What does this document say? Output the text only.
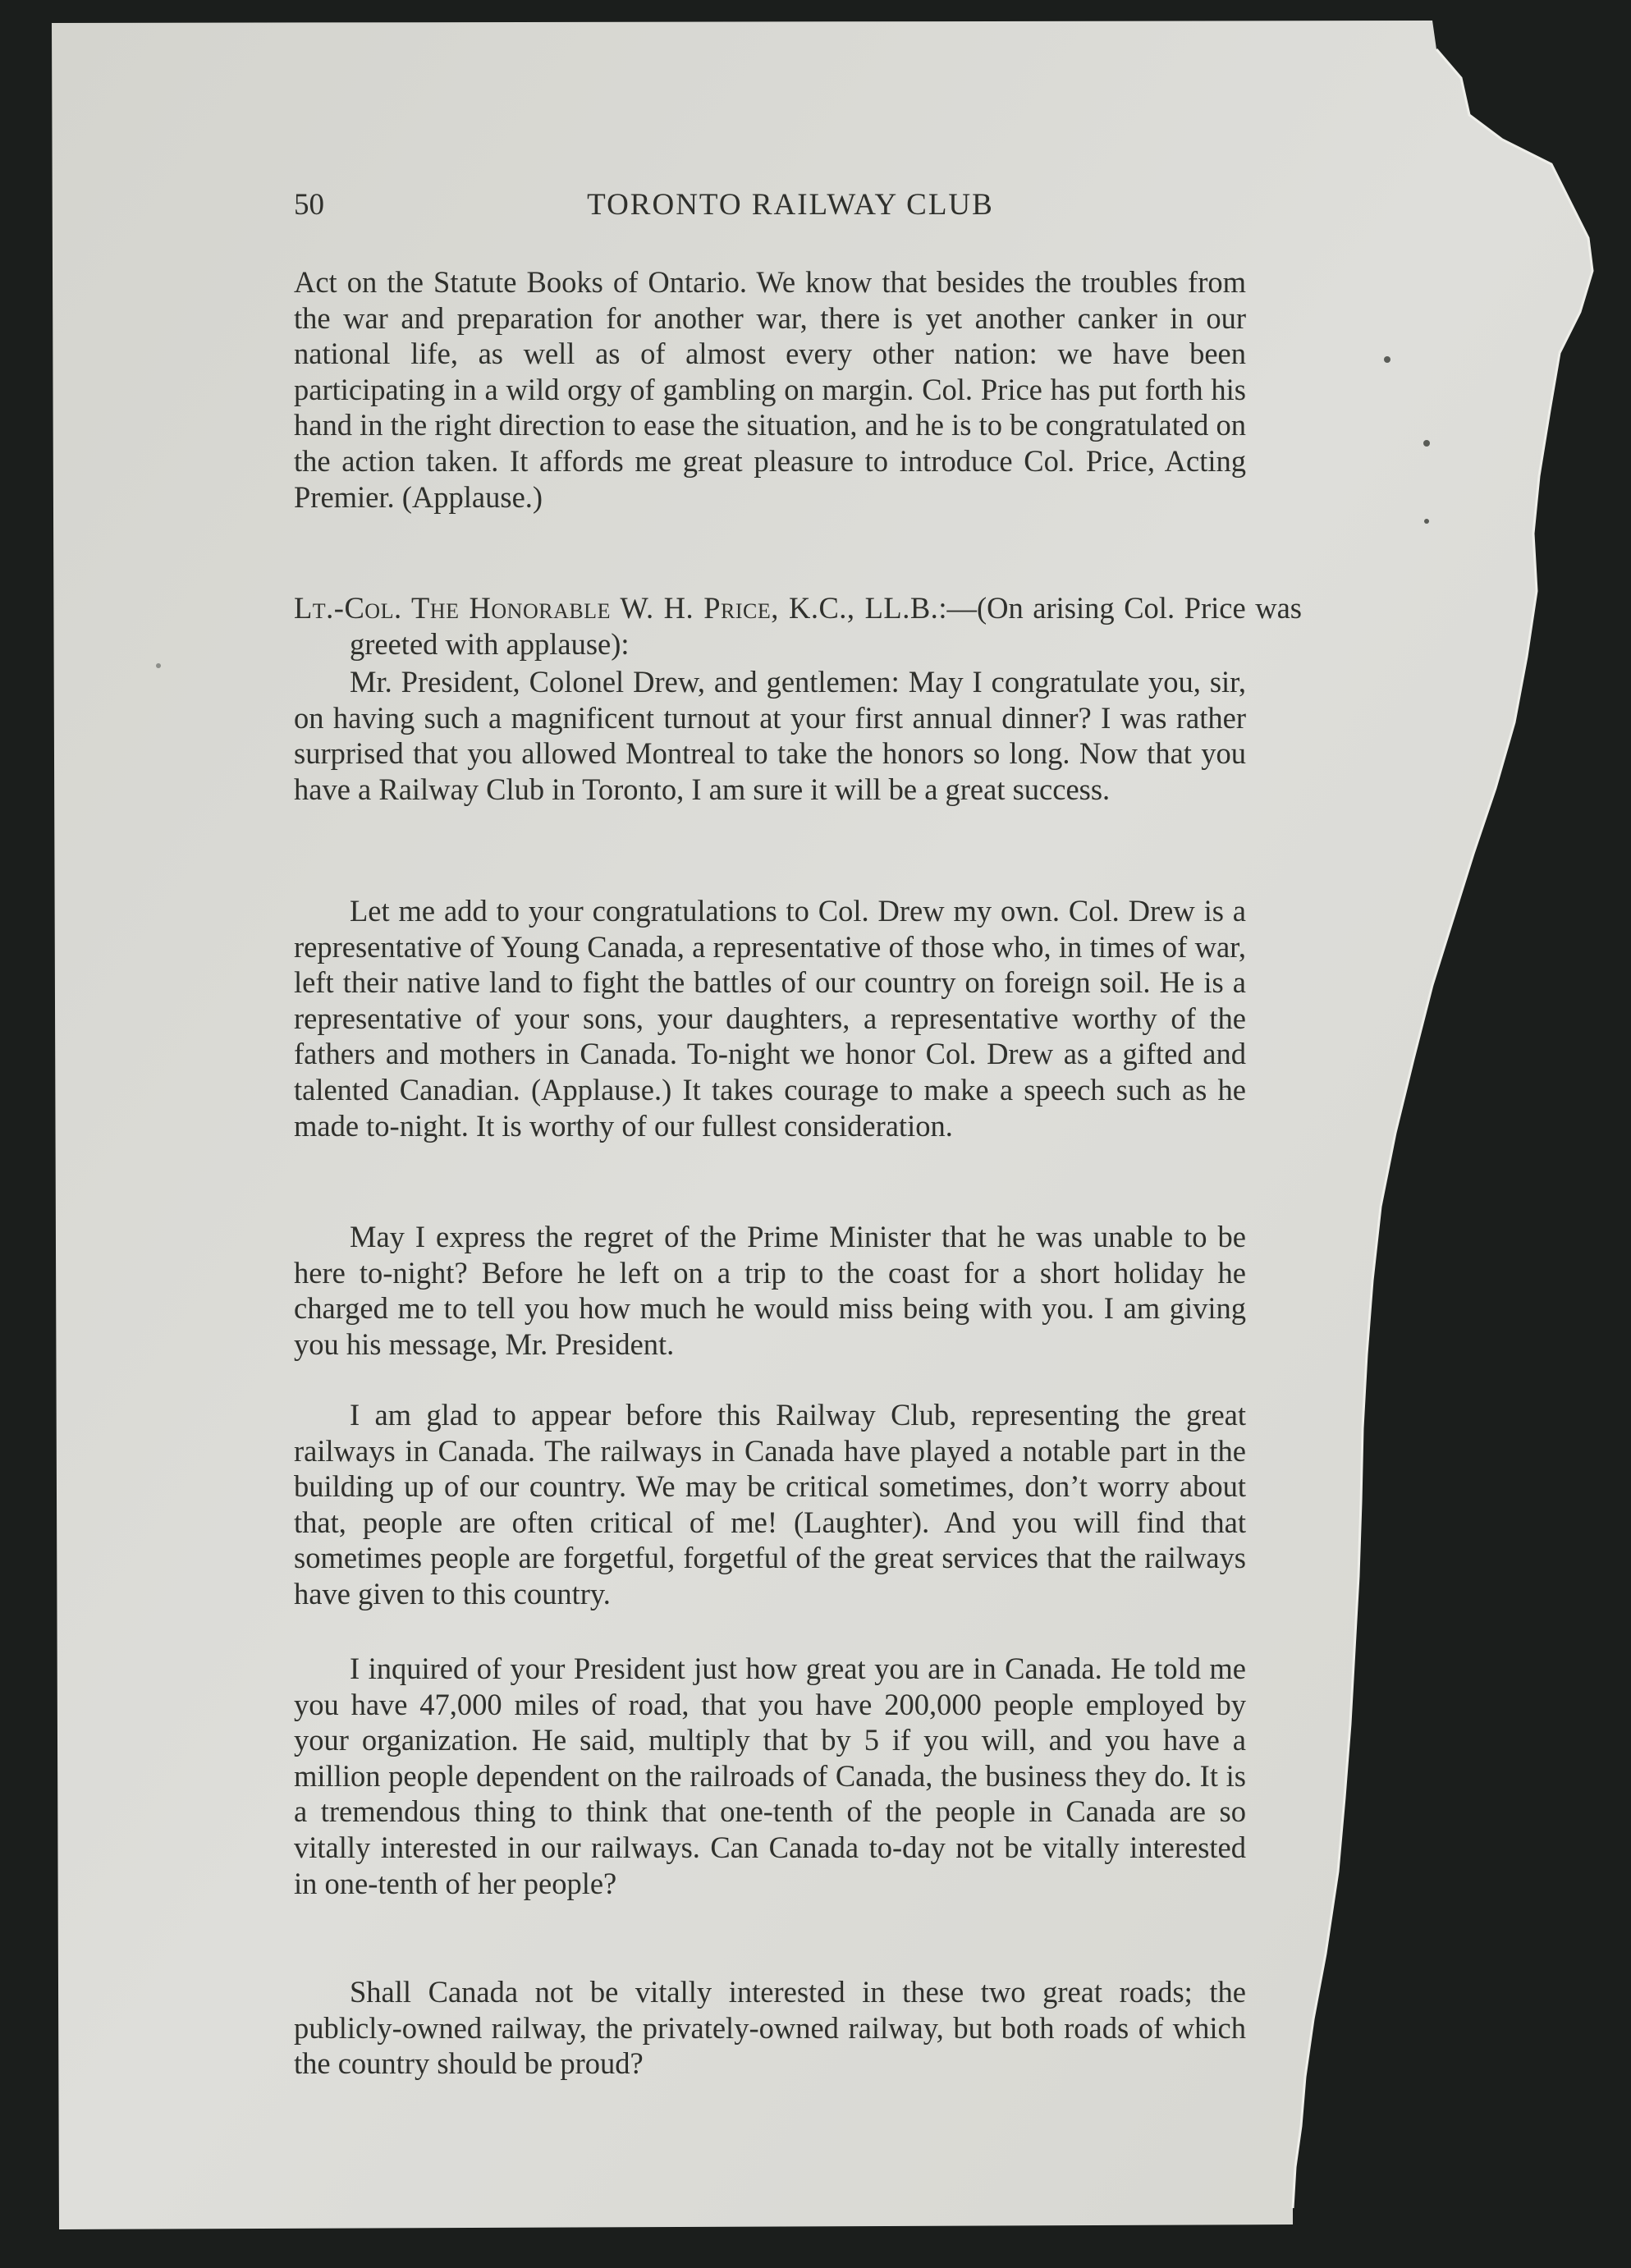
50	TORONTO RAILWAY CLUB

Act on the Statute Books of Ontario. We know that besides the troubles from the war and preparation for another war, there is yet another canker in our national life, as well as of almost every other nation: we have been participating in a wild orgy of gambling on margin. Col. Price has put forth his hand in the right direction to ease the situation, and he is to be congratulated on the action taken. It affords me great pleasure to introduce Col. Price, Acting Premier. (Applause.)

Lt.-Col. The Honorable W. H. Price, K.C., LL.B.:—(On arising Col. Price was greeted with applause):

Mr. President, Colonel Drew, and gentlemen: May I congratulate you, sir, on having such a magnificent turnout at your first annual dinner? I was rather surprised that you allowed Montreal to take the honors so long. Now that you have a Railway Club in Toronto, I am sure it will be a great success.

Let me add to your congratulations to Col. Drew my own. Col. Drew is a representative of Young Canada, a representative of those who, in times of war, left their native land to fight the battles of our country on foreign soil. He is a representative of your sons, your daughters, a representative worthy of the fathers and mothers in Canada. To-night we honor Col. Drew as a gifted and talented Canadian. (Applause.) It takes courage to make a speech such as he made to-night. It is worthy of our fullest consideration.

May I express the regret of the Prime Minister that he was unable to be here to-night? Before he left on a trip to the coast for a short holiday he charged me to tell you how much he would miss being with you. I am giving you his message, Mr. President.

I am glad to appear before this Railway Club, representing the great railways in Canada. The railways in Canada have played a notable part in the building up of our country. We may be critical sometimes, don’t worry about that, people are often critical of me! (Laughter). And you will find that sometimes people are forgetful, forgetful of the great services that the railways have given to this country.

I inquired of your President just how great you are in Canada. He told me you have 47,000 miles of road, that you have 200,000 people employed by your organization. He said, multiply that by 5 if you will, and you have a million people dependent on the railroads of Canada, the business they do. It is a tremendous thing to think that one-tenth of the people in Canada are so vitally interested in our railways. Can Canada to-day not be vitally interested in one-tenth of her people?

Shall Canada not be vitally interested in these two great roads; the publicly-owned railway, the privately-owned railway, but both roads of which the country should be proud?
